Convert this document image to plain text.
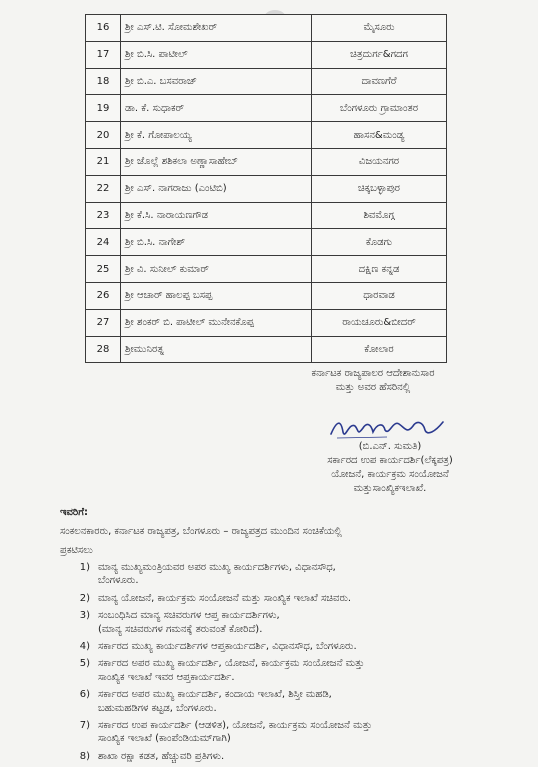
16	ಶ್ರೀ ಎಸ್.ಟಿ. ಸೋಮಶೇಖರ್	ಮೈಸೂರು
17	ಶ್ರೀ ಬಿ.ಸಿ. ಪಾಟೀಲ್	ಚಿತ್ರದುರ್ಗ&ಗದಗ
18	ಶ್ರೀ ಬಿ.ಎ. ಬಸವರಾಜ್	ದಾವಣಗೆರೆ
19	ಡಾ. ಕೆ. ಸುಧಾಕರ್	ಬೆಂಗಳೂರು ಗ್ರಾಮಾಂತರ
20	ಶ್ರೀ ಕೆ. ಗೋಪಾಲಯ್ಯ	ಹಾಸನ&ಮಂಡ್ಯ
21	ಶ್ರೀ ಜೊಲ್ಲೆ ಶಶಿಕಲಾ ಅಣ್ಣಾಸಾಹೇಬ್	ವಿಜಯನಗರ
22	ಶ್ರೀ ಎಸ್. ನಾಗರಾಜು (ಎಂಟಿಬಿ)	ಚಿಕ್ಕಬಳ್ಳಾಪುರ
23	ಶ್ರೀ ಕೆ.ಸಿ. ನಾರಾಯಣಗೌಡ	ಶಿವಮೊಗ್ಗ
24	ಶ್ರೀ ಬಿ.ಸಿ. ನಾಗೇಶ್	ಕೊಡಗು
25	ಶ್ರೀ ವಿ. ಸುನೀಲ್ ಕುಮಾರ್	ದಕ್ಷಿಣ ಕನ್ನಡ
26	ಶ್ರೀ ಆಚಾರ್ ಹಾಲಪ್ಪ ಬಸಪ್ಪ	ಧಾರವಾಡ
27	ಶ್ರೀ ಶಂಕರ್ ಬಿ. ಪಾಟೀಲ್ ಮುನೇನಕೊಪ್ಪ	ರಾಯಚೂರು&ಬೀದರ್
28	ಶ್ರೀಮುನಿರತ್ನ	ಕೋಲಾರ
ಕರ್ನಾಟಕ ರಾಜ್ಯಪಾಲರ ಆದೇಶಾನುಸಾರ
ಮತ್ತು ಅವರ ಹೆಸರಿನಲ್ಲಿ
(ಬಿ.ಎನ್. ಸುಮತಿ)
ಸರ್ಕಾರದ ಉಪ ಕಾರ್ಯದರ್ಶಿ(ಲೆಕ್ಕಪತ್ರ)
ಯೋಜನೆ, ಕಾರ್ಯಕ್ರಮ ಸಂಯೋಜನೆ
ಮತ್ತುಸಾಂಖ್ಯಿಕಇಲಾಖೆ.
ಇವರಿಗೆ:
ಸಂಕಲನಕಾರರು, ಕರ್ನಾಟಕ ರಾಜ್ಯಪತ್ರ, ಬೆಂಗಳೂರು – ರಾಜ್ಯಪತ್ರದ ಮುಂದಿನ ಸಂಚಿಕೆಯಲ್ಲಿ
ಪ್ರಕಟಿಸಲು
1) ಮಾನ್ಯ ಮುಖ್ಯಮಂತ್ರಿಯವರ ಅಪರ ಮುಖ್ಯ ಕಾರ್ಯದರ್ಶಿಗಳು, ವಿಧಾನಸೌಧ,
ಬೆಂಗಳೂರು.
2) ಮಾನ್ಯ ಯೋಜನೆ, ಕಾರ್ಯಕ್ರಮ ಸಂಯೋಜನೆ ಮತ್ತು ಸಾಂಖ್ಯಿಕ ಇಲಾಖೆ ಸಚಿವರು.
3) ಸಂಬಂಧಿಸಿದ ಮಾನ್ಯ ಸಚಿವರುಗಳ ಆಪ್ತ ಕಾರ್ಯದರ್ಶಿಗಳು,
(ಮಾನ್ಯ ಸಚಿವರುಗಳ ಗಮನಕ್ಕೆ ತರುವಂತೆ ಕೋರಿದೆ).
4) ಸರ್ಕಾರದ ಮುಖ್ಯ ಕಾರ್ಯದರ್ಶಿಗಳ ಆಪ್ತಕಾರ್ಯದರ್ಶಿ, ವಿಧಾನಸೌಧ, ಬೆಂಗಳೂರು.
5) ಸರ್ಕಾರದ ಅಪರ ಮುಖ್ಯ ಕಾರ್ಯದರ್ಶಿ, ಯೋಜನೆ, ಕಾರ್ಯಕ್ರಮ ಸಂಯೋಜನೆ ಮತ್ತು
ಸಾಂಖ್ಯಿಕ ಇಲಾಖೆ ಇವರ ಆಪ್ತಕಾರ್ಯದರ್ಶಿ.
6) ಸರ್ಕಾರದ ಅಪರ ಮುಖ್ಯ ಕಾರ್ಯದರ್ಶಿ, ಕಂದಾಯ ಇಲಾಖೆ, ಶಿಸ್ತೀ ಮಹಡಿ,
ಬಹುಮಹಡಿಗಳ ಕಟ್ಟಡ, ಬೆಂಗಳೂರು.
7) ಸರ್ಕಾರದ ಉಪ ಕಾರ್ಯದರ್ಶಿ (ಆಡಳಿತ), ಯೋಜನೆ, ಕಾರ್ಯಕ್ರಮ ಸಂಯೋಜನೆ ಮತ್ತು
ಸಾಂಖ್ಯಿಕ ಇಲಾಖೆ (ಕಾಂಪೆಂಡಿಯಮ್‌ಗಾಗಿ)
8) ಶಾಖಾ ರಕ್ಷಾ ಕಡತ, ಹೆಚ್ಚುವರಿ ಪ್ರತಿಗಳು.
